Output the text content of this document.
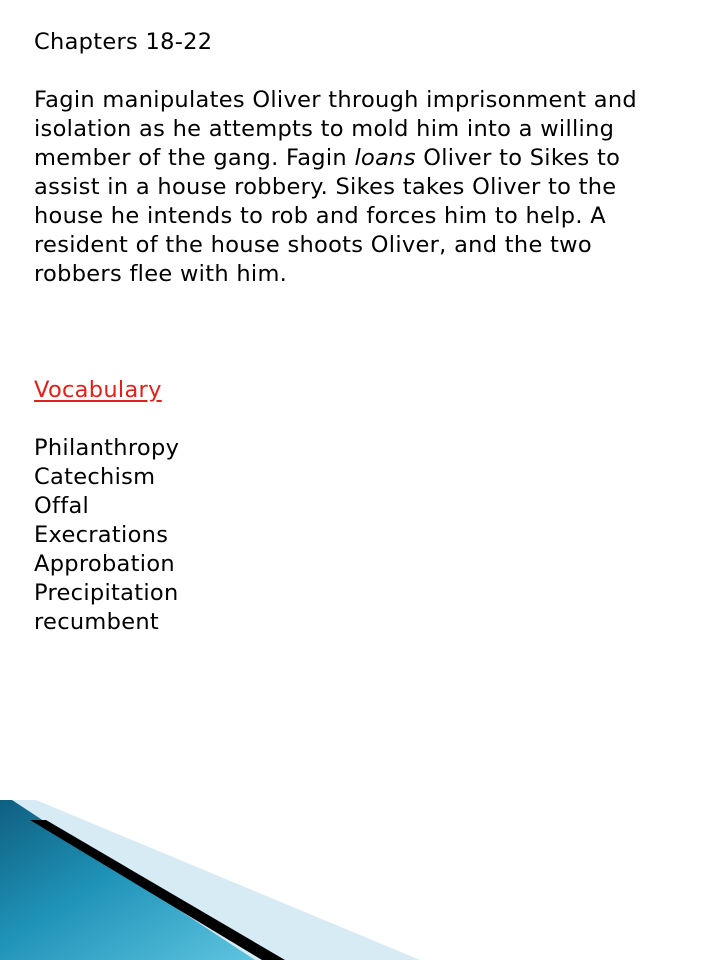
Chapters 18-22

Fagin manipulates Oliver through imprisonment and isolation as he attempts to mold him into a willing member of the gang. Fagin loans Oliver to Sikes to assist in a house robbery. Sikes takes Oliver to the house he intends to rob and forces him to help. A resident of the house shoots Oliver, and the two robbers flee with him.

Vocabulary

Philanthropy
Catechism
Offal
Execrations
Approbation
Precipitation
recumbent
